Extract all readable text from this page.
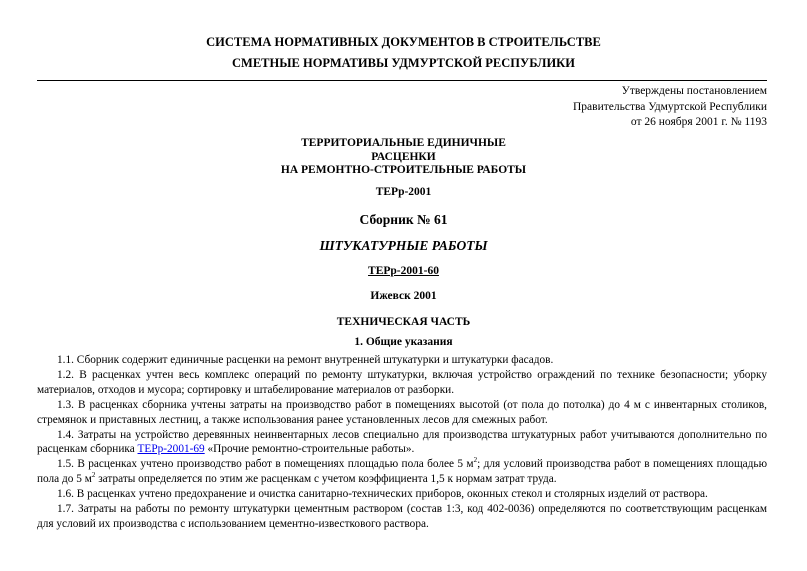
СИСТЕМА НОРМАТИВНЫХ ДОКУМЕНТОВ В СТРОИТЕЛЬСТВЕ
СМЕТНЫЕ НОРМАТИВЫ УДМУРТСКОЙ РЕСПУБЛИКИ
Утверждены постановлением
Правительства Удмуртской Республики
от 26 ноября 2001 г. № 1193
ТЕРРИТОРИАЛЬНЫЕ ЕДИНИЧНЫЕ
РАСЦЕНКИ
НА РЕМОНТНО-СТРОИТЕЛЬНЫЕ РАБОТЫ
ТЕРр-2001
Сборник № 61
ШТУКАТУРНЫЕ РАБОТЫ
ТЕРр-2001-60
Ижевск 2001
ТЕХНИЧЕСКАЯ ЧАСТЬ
1. Общие указания

1.1. Сборник содержит единичные расценки на ремонт внутренней штукатурки и штукатурки фасадов.

1.2. В расценках учтен весь комплекс операций по ремонту штукатурки, включая устройство ограждений по технике безопасности; уборку материалов, отходов и мусора; сортировку и штабелирование материалов от разборки.

1.3. В расценках сборника учтены затраты на производство работ в помещениях высотой (от пола до потолка) до 4 м с инвентарных столиков, стремянок и приставных лестниц, а также использования ранее установленных лесов для смежных работ.

1.4. Затраты на устройство деревянных неинвентарных лесов специально для производства штукатурных работ учитываются дополнительно по расценкам сборника ТЕРр-2001-69 «Прочие ремонтно-строительные работы».

1.5. В расценках учтено производство работ в помещениях площадью пола более 5 $м^2$; для условий производства работ в помещениях площадью пола до 5 $м^2$ затраты определяется по этим же расценкам с учетом коэффициента 1,5 к нормам затрат труда.

1.6. В расценках учтено предохранение и очистка санитарно-технических приборов, оконных стекол и столярных изделий от раствора.

1.7. Затраты на работы по ремонту штукатурки цементным раствором (состав 1:3, код 402-0036) определяются по соответствующим расценкам для условий их производства с использованием цементно-известкового раствора.
